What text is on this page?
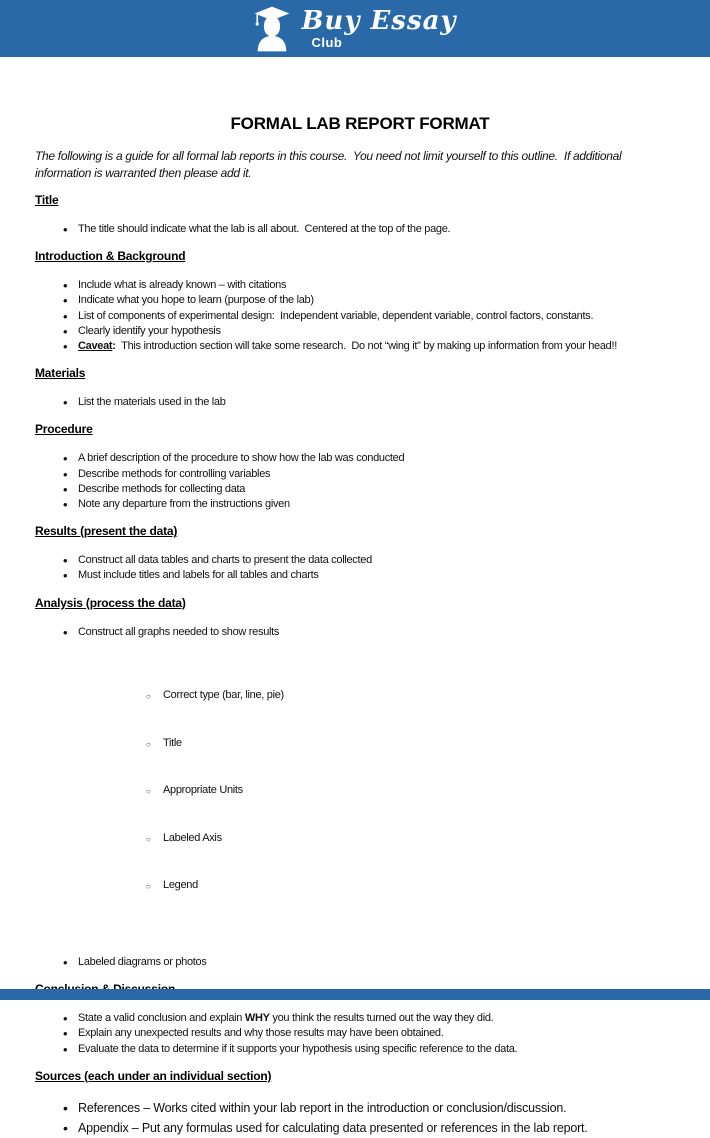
Buy Essay
Club
FORMAL LAB REPORT FORMAT

The following is a guide for all formal lab reports in this course.  You need not limit yourself to this outline.  If additional information is warranted then please add it.

Title
• The title should indicate what the lab is all about.  Centered at the top of the page.
Introduction & Background
• Include what is already known – with citations
• Indicate what you hope to learn (purpose of the lab)
• List of components of experimental design:  Independent variable, dependent variable, control factors, constants.
• Clearly identify your hypothesis
• Caveat:  This introduction section will take some research.  Do not “wing it” by making up information from your head!!
Materials
• List the materials used in the lab
Procedure
• A brief description of the procedure to show how the lab was conducted
• Describe methods for controlling variables
• Describe methods for collecting data
• Note any departure from the instructions given
Results (present the data)
• Construct all data tables and charts to present the data collected
• Must include titles and labels for all tables and charts
Analysis (process the data)
• Construct all graphs needed to show results

○ Correct type (bar, line, pie)

○ Title

○ Appropriate Units

○ Labeled Axis

○ Legend

• Labeled diagrams or photos
• State a valid conclusion and explain WHY you think the results turned out the way they did.
• Explain any unexpected results and why those results may have been obtained.
• Evaluate the data to determine if it supports your hypothesis using specific reference to the data.
Sources (each under an individual section)
• References – Works cited within your lab report in the introduction or conclusion/discussion.
• Appendix – Put any formulas used for calculating data presented or references in the lab report.
